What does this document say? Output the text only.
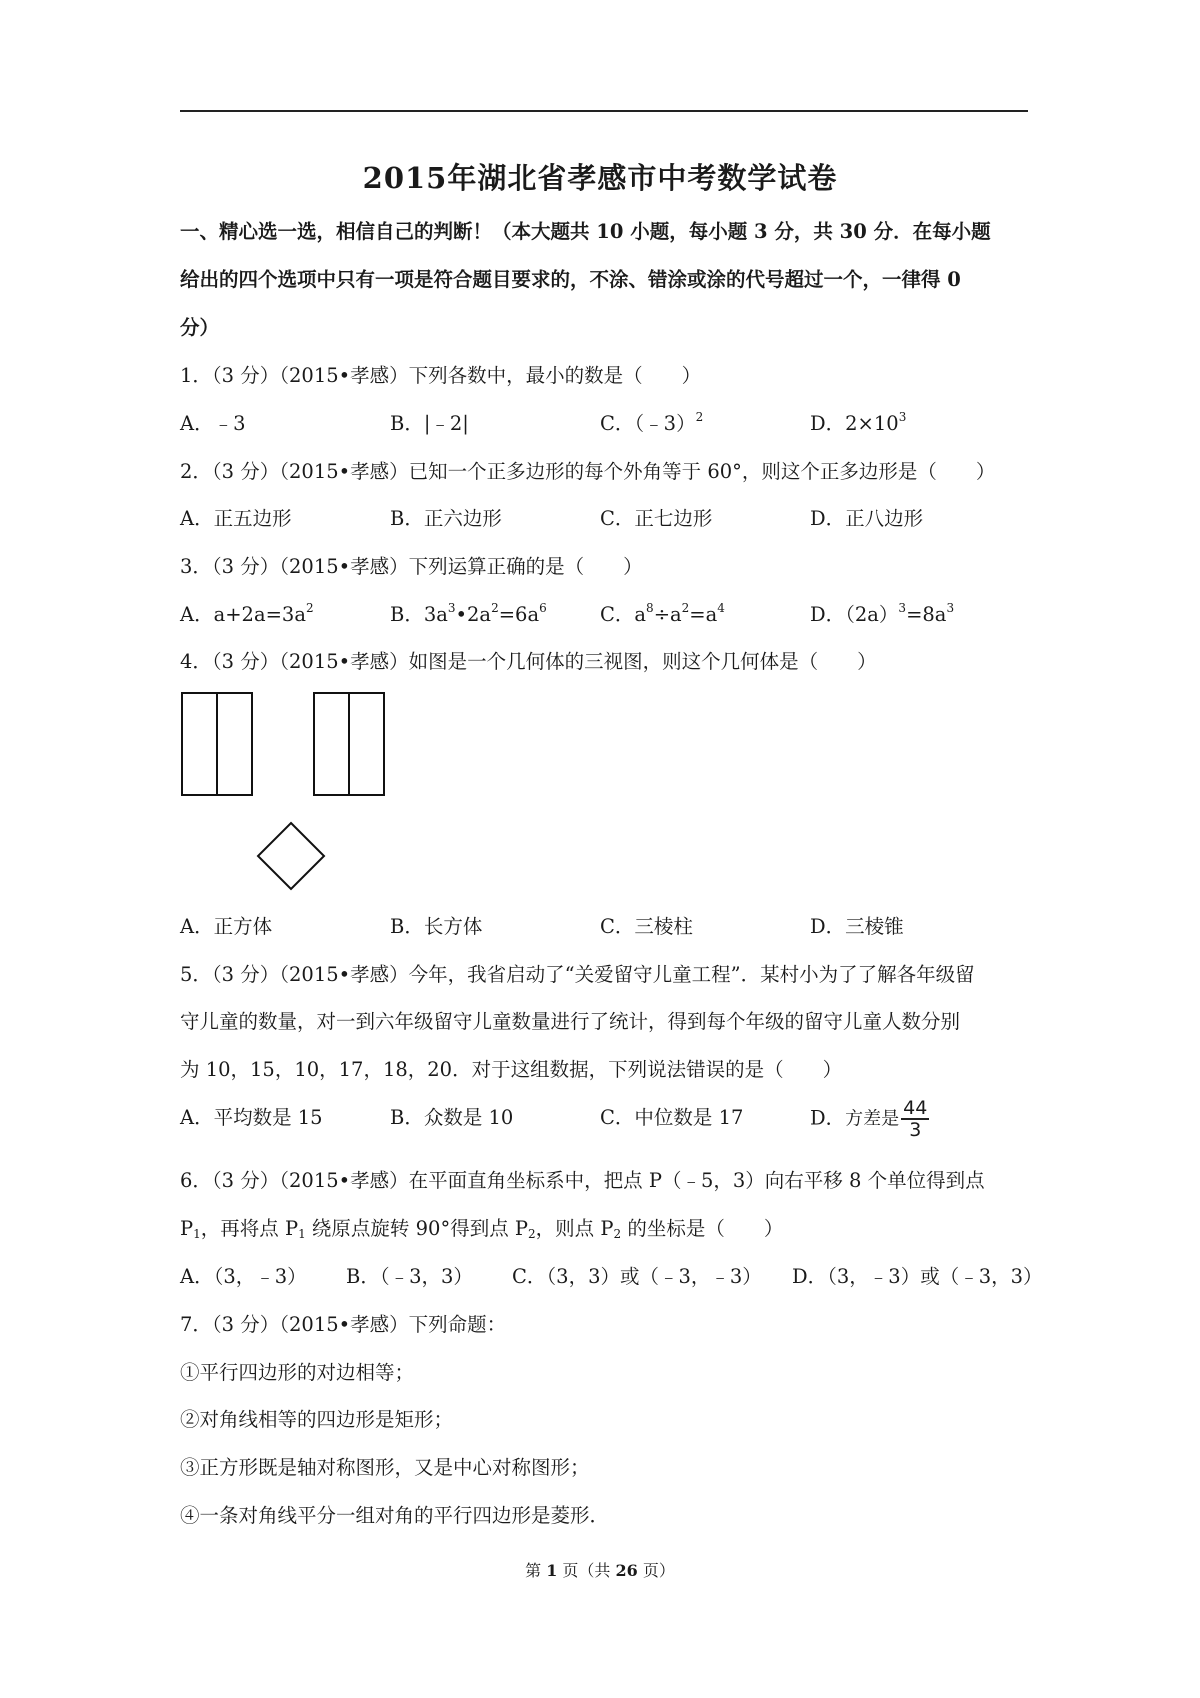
2015年湖北省孝感市中考数学试卷
一、精心选一选，相信自己的判断！（本大题共 10 小题，每小题 3 分，共 30 分．在每小题
给出的四个选项中只有一项是符合题目要求的，不涂、错涂或涂的代号超过一个，一律得 0
分）
1．（3 分）（2015•孝感）下列各数中，最小的数是（　　）
A．﹣3	B．|﹣2|	C．（﹣3）$^2$	D．$2\times 10^3$
2．（3 分）（2015•孝感）已知一个正多边形的每个外角等于 60°，则这个正多边形是（　　）
A．正五边形	B．正六边形	C．正七边形	D．正八边形
3．（3 分）（2015•孝感）下列运算正确的是（　　）
A．$a+2a=3a^2$	B．$3a^3•2a^2=6a^6$	C．$a^8\div a^2=a^4$	D．$(2a)^3=8a^3$
4．（3 分）（2015•孝感）如图是一个几何体的三视图，则这个几何体是（　　）
A．正方体	B．长方体	C．三棱柱	D．三棱锥
5．（3 分）（2015•孝感）今年，我省启动了“关爱留守儿童工程”．某村小为了了解各年级留
守儿童的数量，对一到六年级留守儿童数量进行了统计，得到每个年级的留守儿童人数分别
为 10，15，10，17，18，20．对于这组数据，下列说法错误的是（　　）
A．平均数是 15	B．众数是 10	C．中位数是 17	D．方差是 $\frac{44}{3}$
6．（3 分）（2015•孝感）在平面直角坐标系中，把点 P（﹣5，3）向右平移 8 个单位得到点
$P_1$，再将点 $P_1$ 绕原点旋转 90°得到点 $P_2$，则点 $P_2$ 的坐标是（　　）
A．（3，﹣3） B．（﹣3，3） C．（3，3）或（﹣3，﹣3） D．（3，﹣3）或（﹣3，3）
7．（3 分）（2015•孝感）下列命题：
①平行四边形的对边相等；
②对角线相等的四边形是矩形；
③正方形既是轴对称图形，又是中心对称图形；
④一条对角线平分一组对角的平行四边形是菱形．
第 1 页（共 26 页）
